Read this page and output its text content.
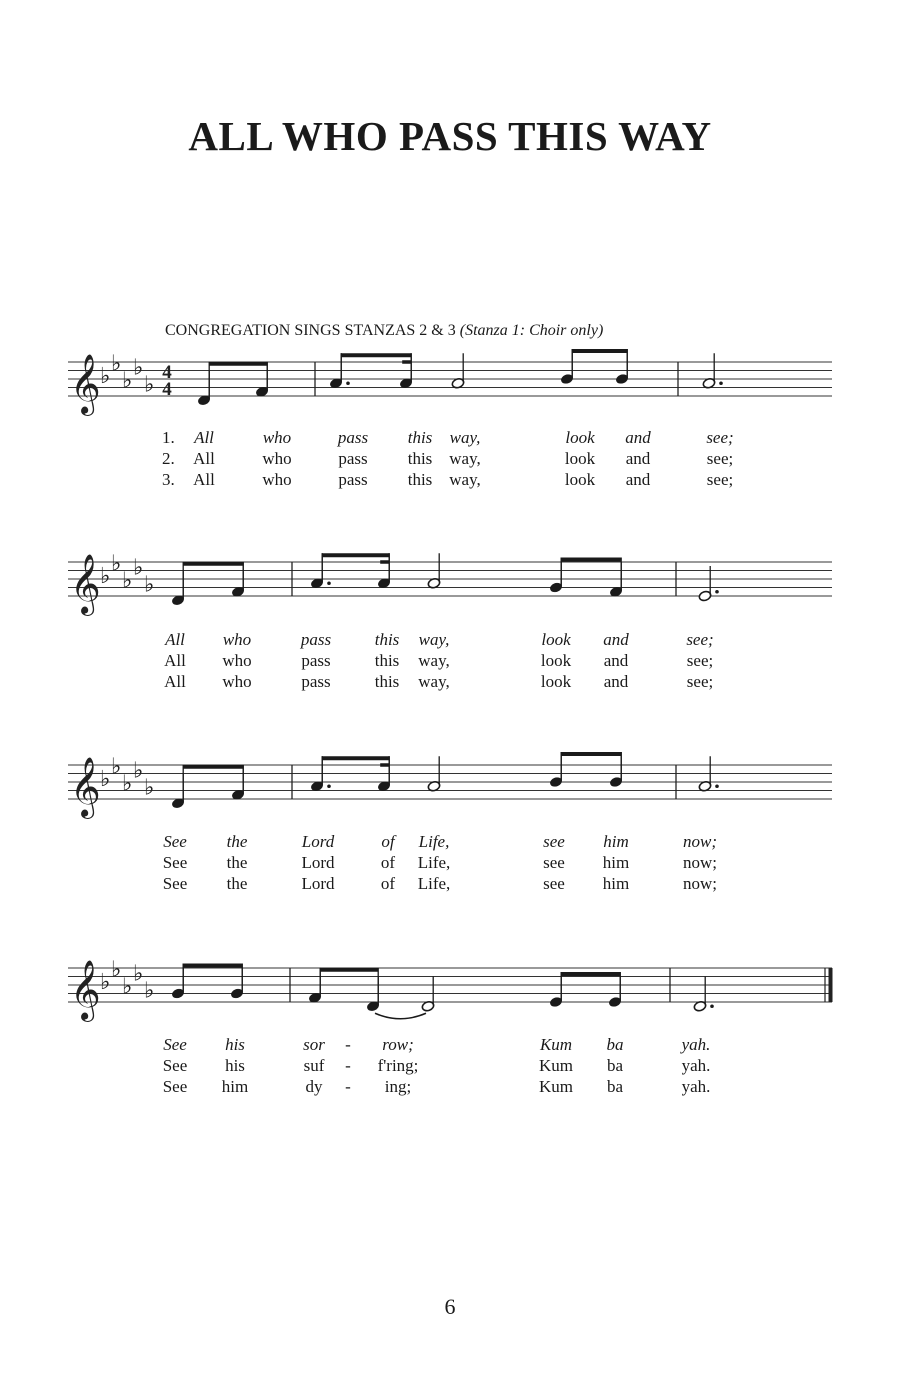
ALL WHO PASS THIS WAY
CONGREGATION SINGS STANZAS 2 & 3 (Stanza 1: Choir only)
𝄞 ♭
♭
♭
♭
♭ 4
4
1. All	who	pass this way,	look and	see;
2. All	who	pass this way,	look and	see;
3. All	who	pass this way,	look and	see;
𝄞 ♭
♭
♭
♭
♭
All who	pass	this way,	look and	see;
All who	pass	this way,	look and	see;
All who	pass	this way,	look and	see;
𝄞 ♭
♭
♭
♭
♭
See the	Lord	of Life,	see him	now;
See the	Lord	of Life,	see him	now;
See the	Lord	of Life,	see him	now;
𝄞 ♭
♭
♭
♭
♭
See his	sor - row;	Kum ba	yah.
See his	suf - f'ring;	Kum ba	yah.
See him	dy - ing;	Kum ba	yah.
6
